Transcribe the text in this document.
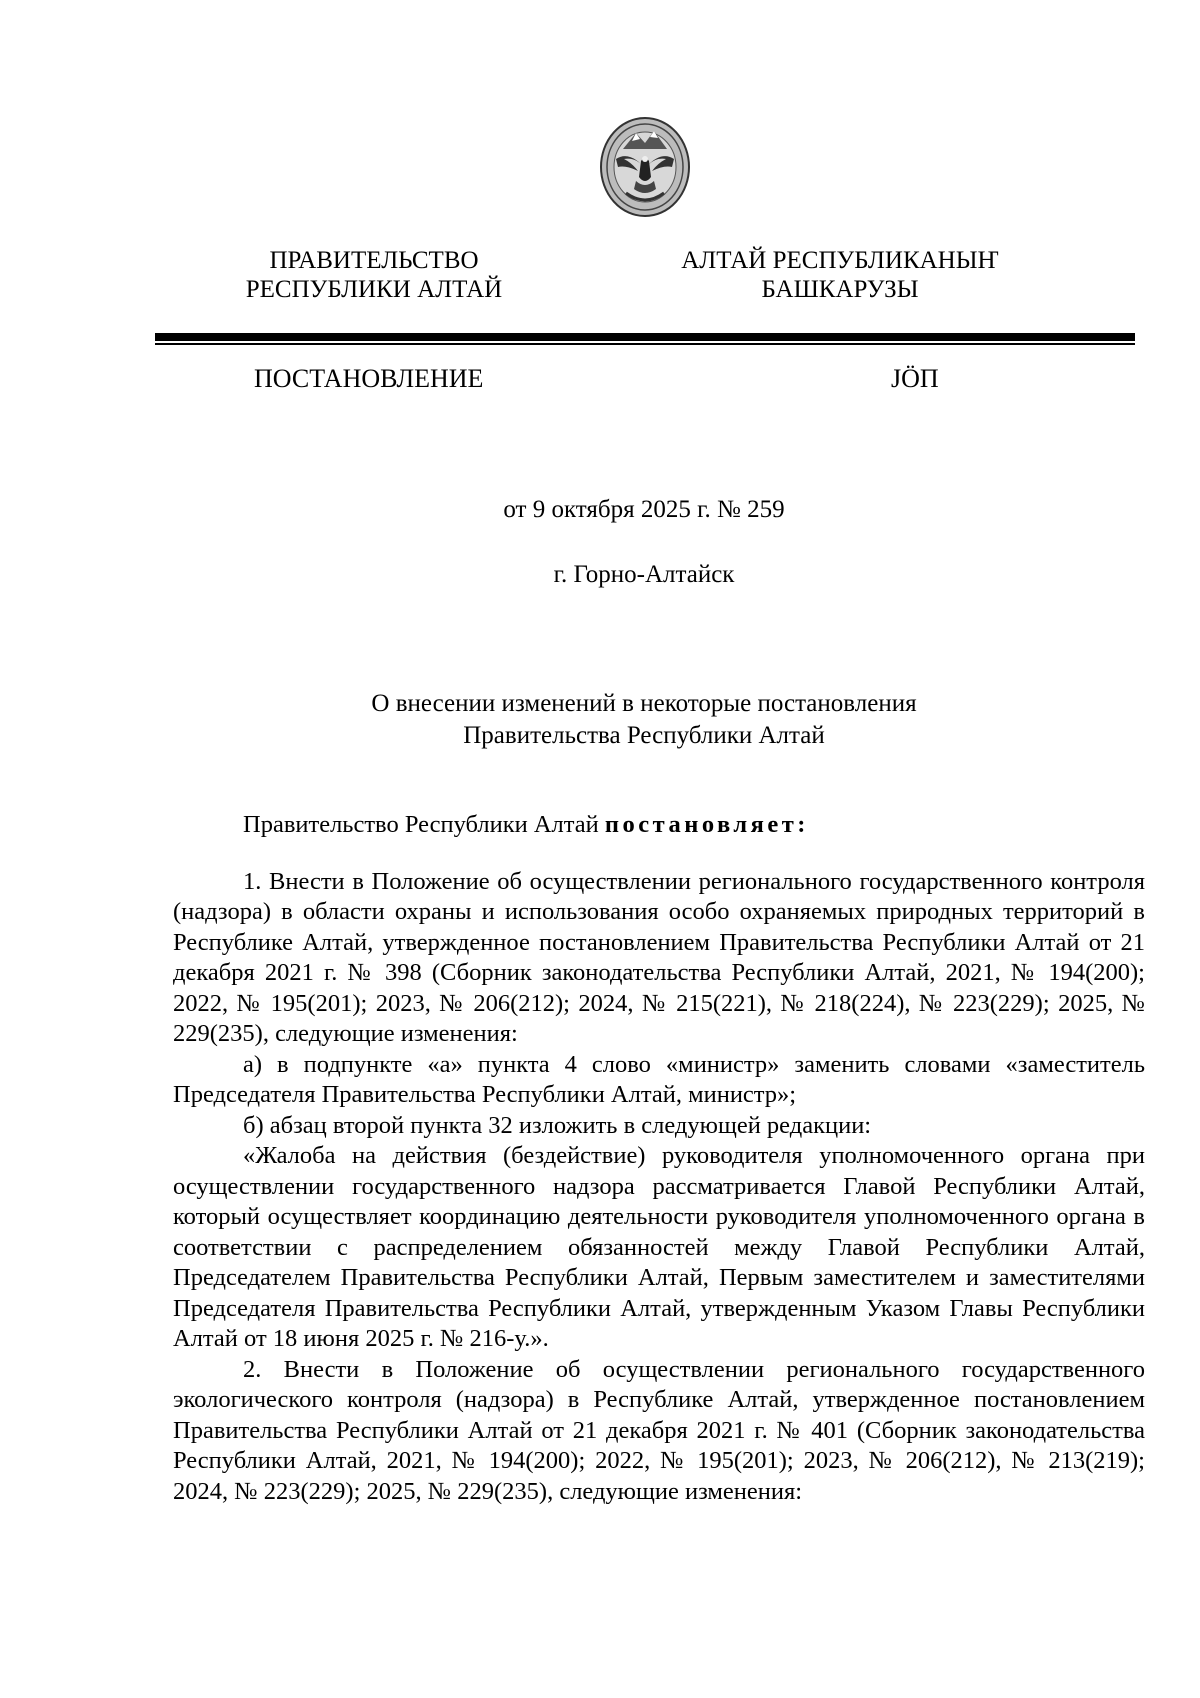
ПРАВИТЕЛЬСТВО
РЕСПУБЛИКИ АЛТАЙ
АЛТАЙ РЕСПУБЛИКАНЫҤ
БАШКАРУЗЫ
ПОСТАНОВЛЕНИЕ	JÖП
от 9 октября 2025 г. № 259
г. Горно-Алтайск
О внесении изменений в некоторые постановления
Правительства Республики Алтай

Правительство Республики Алтай постановляет:

1. Внести в Положение об осуществлении регионального государственного контроля (надзора) в области охраны и использования особо охраняемых природных территорий в Республике Алтай, утвержденное постановлением Правительства Республики Алтай от 21 декабря 2021 г. № 398 (Сборник законодательства Республики Алтай, 2021, № 194(200); 2022, № 195(201); 2023, № 206(212); 2024, № 215(221), № 218(224), № 223(229); 2025, № 229(235), следующие изменения:

а) в подпункте «а» пункта 4 слово «министр» заменить словами «заместитель Председателя Правительства Республики Алтай, министр»;

б) абзац второй пункта 32 изложить в следующей редакции:

«Жалоба на действия (бездействие) руководителя уполномоченного органа при осуществлении государственного надзора рассматривается Главой Республики Алтай, который осуществляет координацию деятельности руководителя уполномоченного органа в соответствии с распределением обязанностей между Главой Республики Алтай, Председателем Правительства Республики Алтай, Первым заместителем и заместителями Председателя Правительства Республики Алтай, утвержденным Указом Главы Республики Алтай от 18 июня 2025 г. № 216-у.».

2. Внести в Положение об осуществлении регионального государственного экологического контроля (надзора) в Республике Алтай, утвержденное постановлением Правительства Республики Алтай от 21 декабря 2021 г. № 401 (Сборник законодательства Республики Алтай, 2021, № 194(200); 2022, № 195(201); 2023, № 206(212), № 213(219); 2024, № 223(229); 2025, № 229(235), следующие изменения:
